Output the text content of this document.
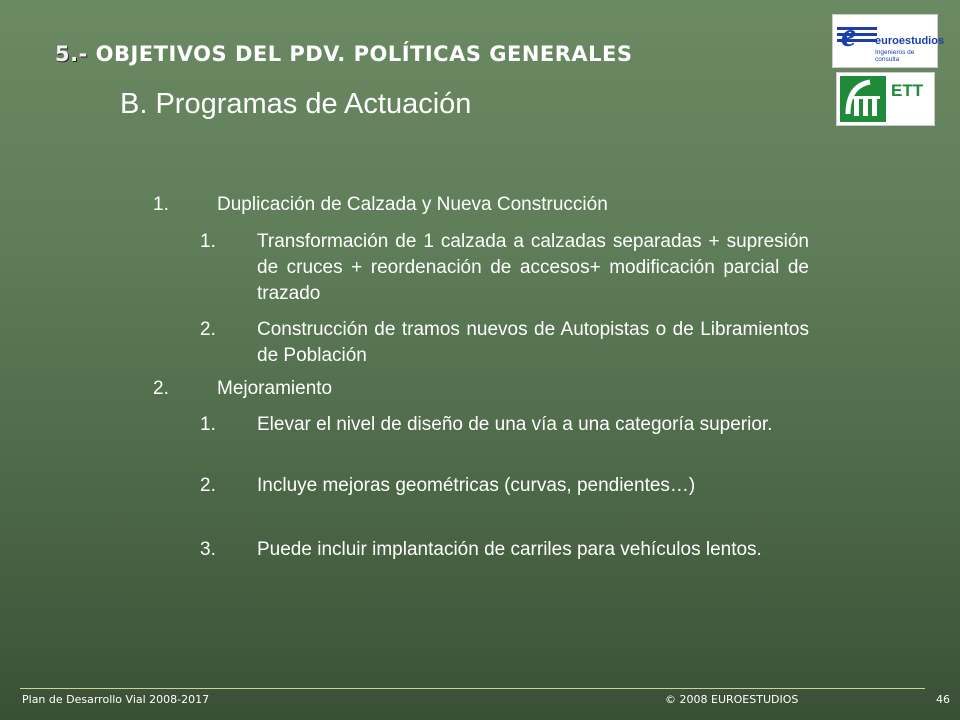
5.- OBJETIVOS DEL PDV. POLÍTICAS GENERALES
B. Programas de Actuación
e euroestudios
Ingenieros de consulta
ETT
1.	Duplicación de Calzada y Nueva Construcción
1.	Transformación de 1 calzada a calzadas separadas + supresión de cruces + reordenación de accesos+ modificación parcial de trazado
2.	Construcción de tramos nuevos de Autopistas o de Libramientos de Población
2.	Mejoramiento
1.	Elevar el nivel de diseño de una vía a una categoría superior.
2.	Incluye mejoras geométricas (curvas, pendientes…)
3.	Puede incluir implantación de carriles para vehículos lentos.
Plan de Desarrollo Vial 2008-2017	© 2008 EUROESTUDIOS	46
